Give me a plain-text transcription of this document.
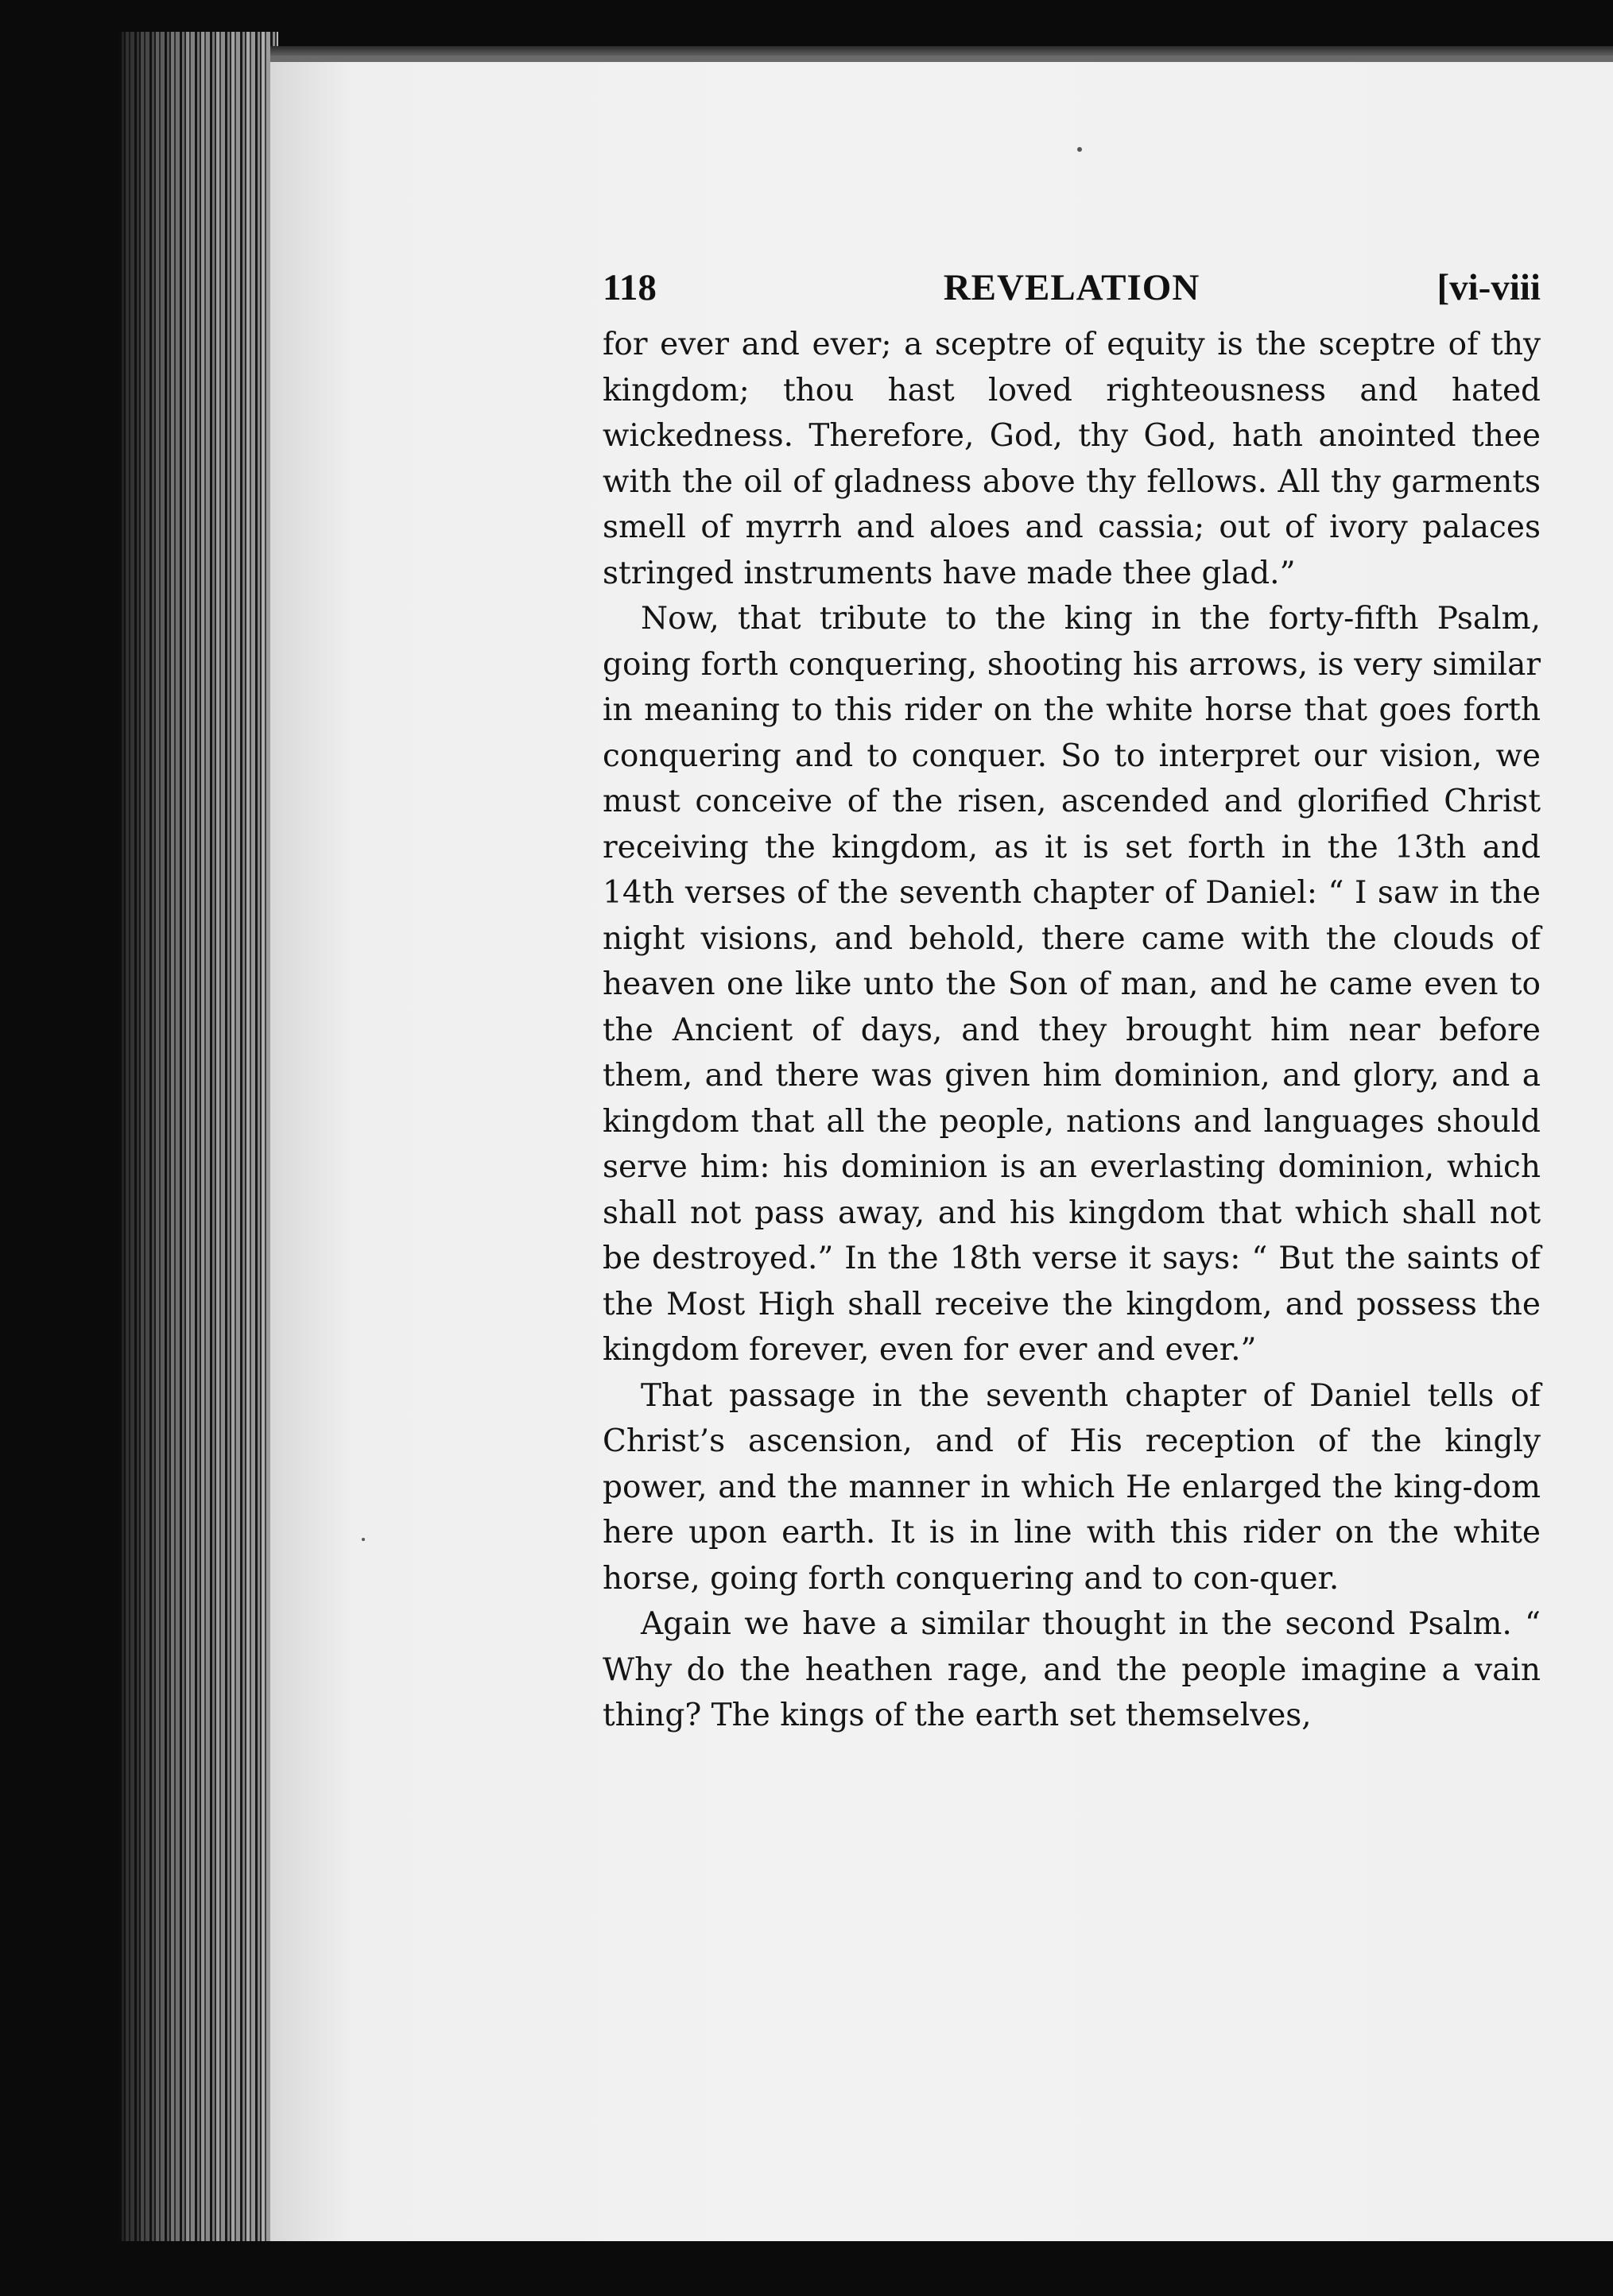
118	REVELATION	[vi-viii

for ever and ever; a sceptre of equity is the sceptre of thy kingdom; thou hast loved righteousness and hated wickedness. Therefore, God, thy God, hath anointed thee with the oil of gladness above thy fellows. All thy garments smell of myrrh and aloes and cassia; out of ivory palaces stringed instruments have made thee glad.”

Now, that tribute to the king in the forty-fifth Psalm, going forth conquering, shooting his arrows, is very similar in meaning to this rider on the white horse that goes forth conquering and to conquer. So to interpret our vision, we must conceive of the risen, ascended and glorified Christ receiving the kingdom, as it is set forth in the 13th and 14th verses of the seventh chapter of Daniel: “ I saw in the night visions, and behold, there came with the clouds of heaven one like unto the Son of man, and he came even to the Ancient of days, and they brought him near before them, and there was given him dominion, and glory, and a kingdom that all the people, nations and languages should serve him: his dominion is an everlasting dominion, which shall not pass away, and his kingdom that which shall not be destroyed.” In the 18th verse it says: “ But the saints of the Most High shall receive the kingdom, and possess the kingdom forever, even for ever and ever.”

That passage in the seventh chapter of Daniel tells of Christ’s ascension, and of His reception of the kingly power, and the manner in which He enlarged the king-dom here upon earth. It is in line with this rider on the white horse, going forth conquering and to con-quer.

Again we have a similar thought in the second Psalm. “ Why do the heathen rage, and the people imagine a vain thing? The kings of the earth set themselves,
